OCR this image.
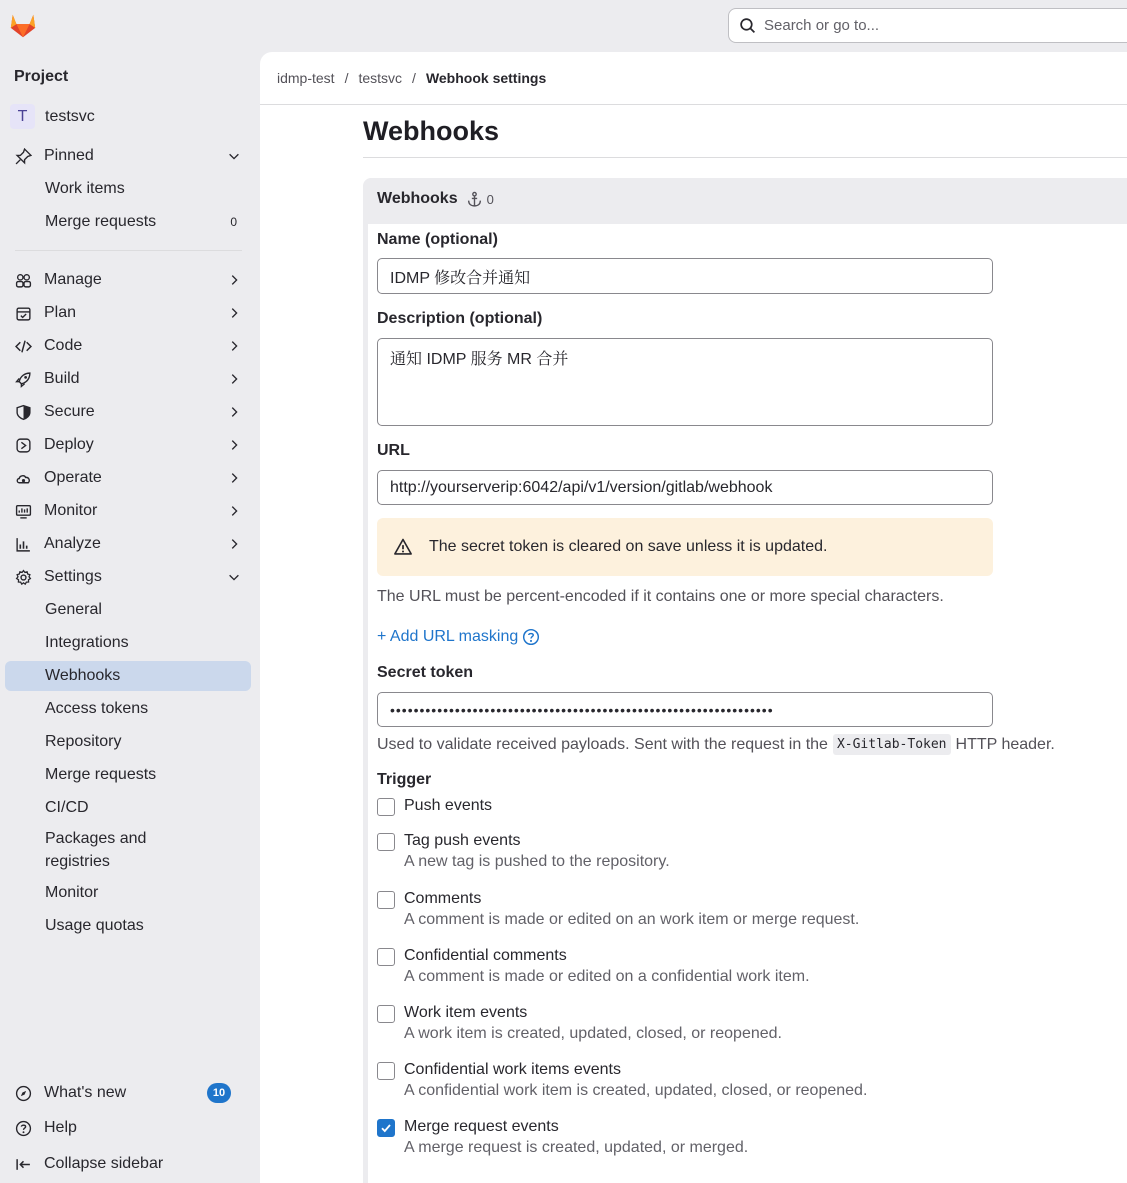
Search or go to...
Project
T	testsvc
Pinned
Work items
Merge requests	0
Manage
Plan
Code
Build
Secure
Deploy
Operate
Monitor
Analyze
Settings
General
Integrations
Webhooks
Access tokens
Repository
Merge requests
CI/CD
Packages and registries
Monitor
Usage quotas
What's new	10
Help
Collapse sidebar
idmp-test / testsvc / Webhook settings
Webhooks
Webhooks 0
Name (optional)
IDMP 修改合并通知
Description (optional)
通知 IDMP 服务 MR 合并
URL
http://yourserverip:6042/api/v1/version/gitlab/webhook
The secret token is cleared on save unless it is updated.
The URL must be percent-encoded if it contains one or more special characters.
+ Add URL masking
Secret token
•••••••••••••••••••••••••••••••••••••••••••••••••••••••••••••••••
Used to validate received payloads. Sent with the request in the X-Gitlab-Token HTTP header.
Trigger
Push events
Tag push events
A new tag is pushed to the repository.
Comments
A comment is made or edited on an work item or merge request.
Confidential comments
A comment is made or edited on a confidential work item.
Work item events
A work item is created, updated, closed, or reopened.
Confidential work items events
A confidential work item is created, updated, closed, or reopened.
Merge request events
A merge request is created, updated, or merged.
